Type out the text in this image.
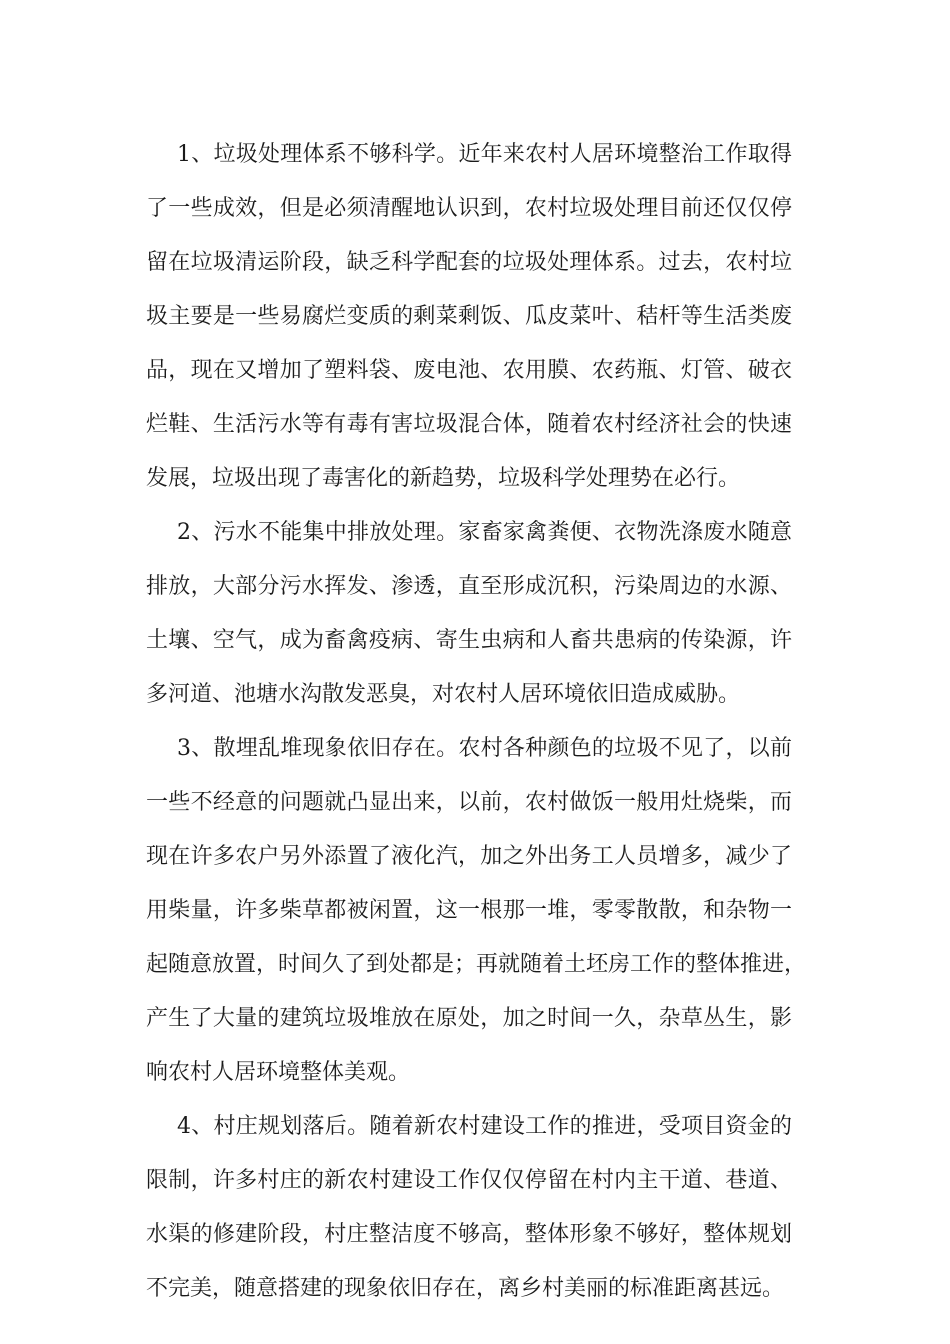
1、垃圾处理体系不够科学。近年来农村人居环境整治工作取得
了一些成效，但是必须清醒地认识到，农村垃圾处理目前还仅仅停
留在垃圾清运阶段，缺乏科学配套的垃圾处理体系。过去，农村垃
圾主要是一些易腐烂变质的剩菜剩饭、瓜皮菜叶、秸杆等生活类废
品，现在又增加了塑料袋、废电池、农用膜、农药瓶、灯管、破衣
烂鞋、生活污水等有毒有害垃圾混合体，随着农村经济社会的快速
发展，垃圾出现了毒害化的新趋势，垃圾科学处理势在必行。
2、污水不能集中排放处理。家畜家禽粪便、衣物洗涤废水随意
排放，大部分污水挥发、渗透，直至形成沉积，污染周边的水源、
土壤、空气，成为畜禽疫病、寄生虫病和人畜共患病的传染源，许
多河道、池塘水沟散发恶臭，对农村人居环境依旧造成威胁。
3、散埋乱堆现象依旧存在。农村各种颜色的垃圾不见了，以前
一些不经意的问题就凸显出来，以前，农村做饭一般用灶烧柴，而
现在许多农户另外添置了液化汽，加之外出务工人员增多，减少了
用柴量，许多柴草都被闲置，这一根那一堆，零零散散，和杂物一
起随意放置，时间久了到处都是；再就随着土坯房工作的整体推进，
产生了大量的建筑垃圾堆放在原处，加之时间一久，杂草丛生，影
响农村人居环境整体美观。
4、村庄规划落后。随着新农村建设工作的推进，受项目资金的
限制，许多村庄的新农村建设工作仅仅停留在村内主干道、巷道、
水渠的修建阶段，村庄整洁度不够高，整体形象不够好，整体规划
不完美，随意搭建的现象依旧存在，离乡村美丽的标准距离甚远。
